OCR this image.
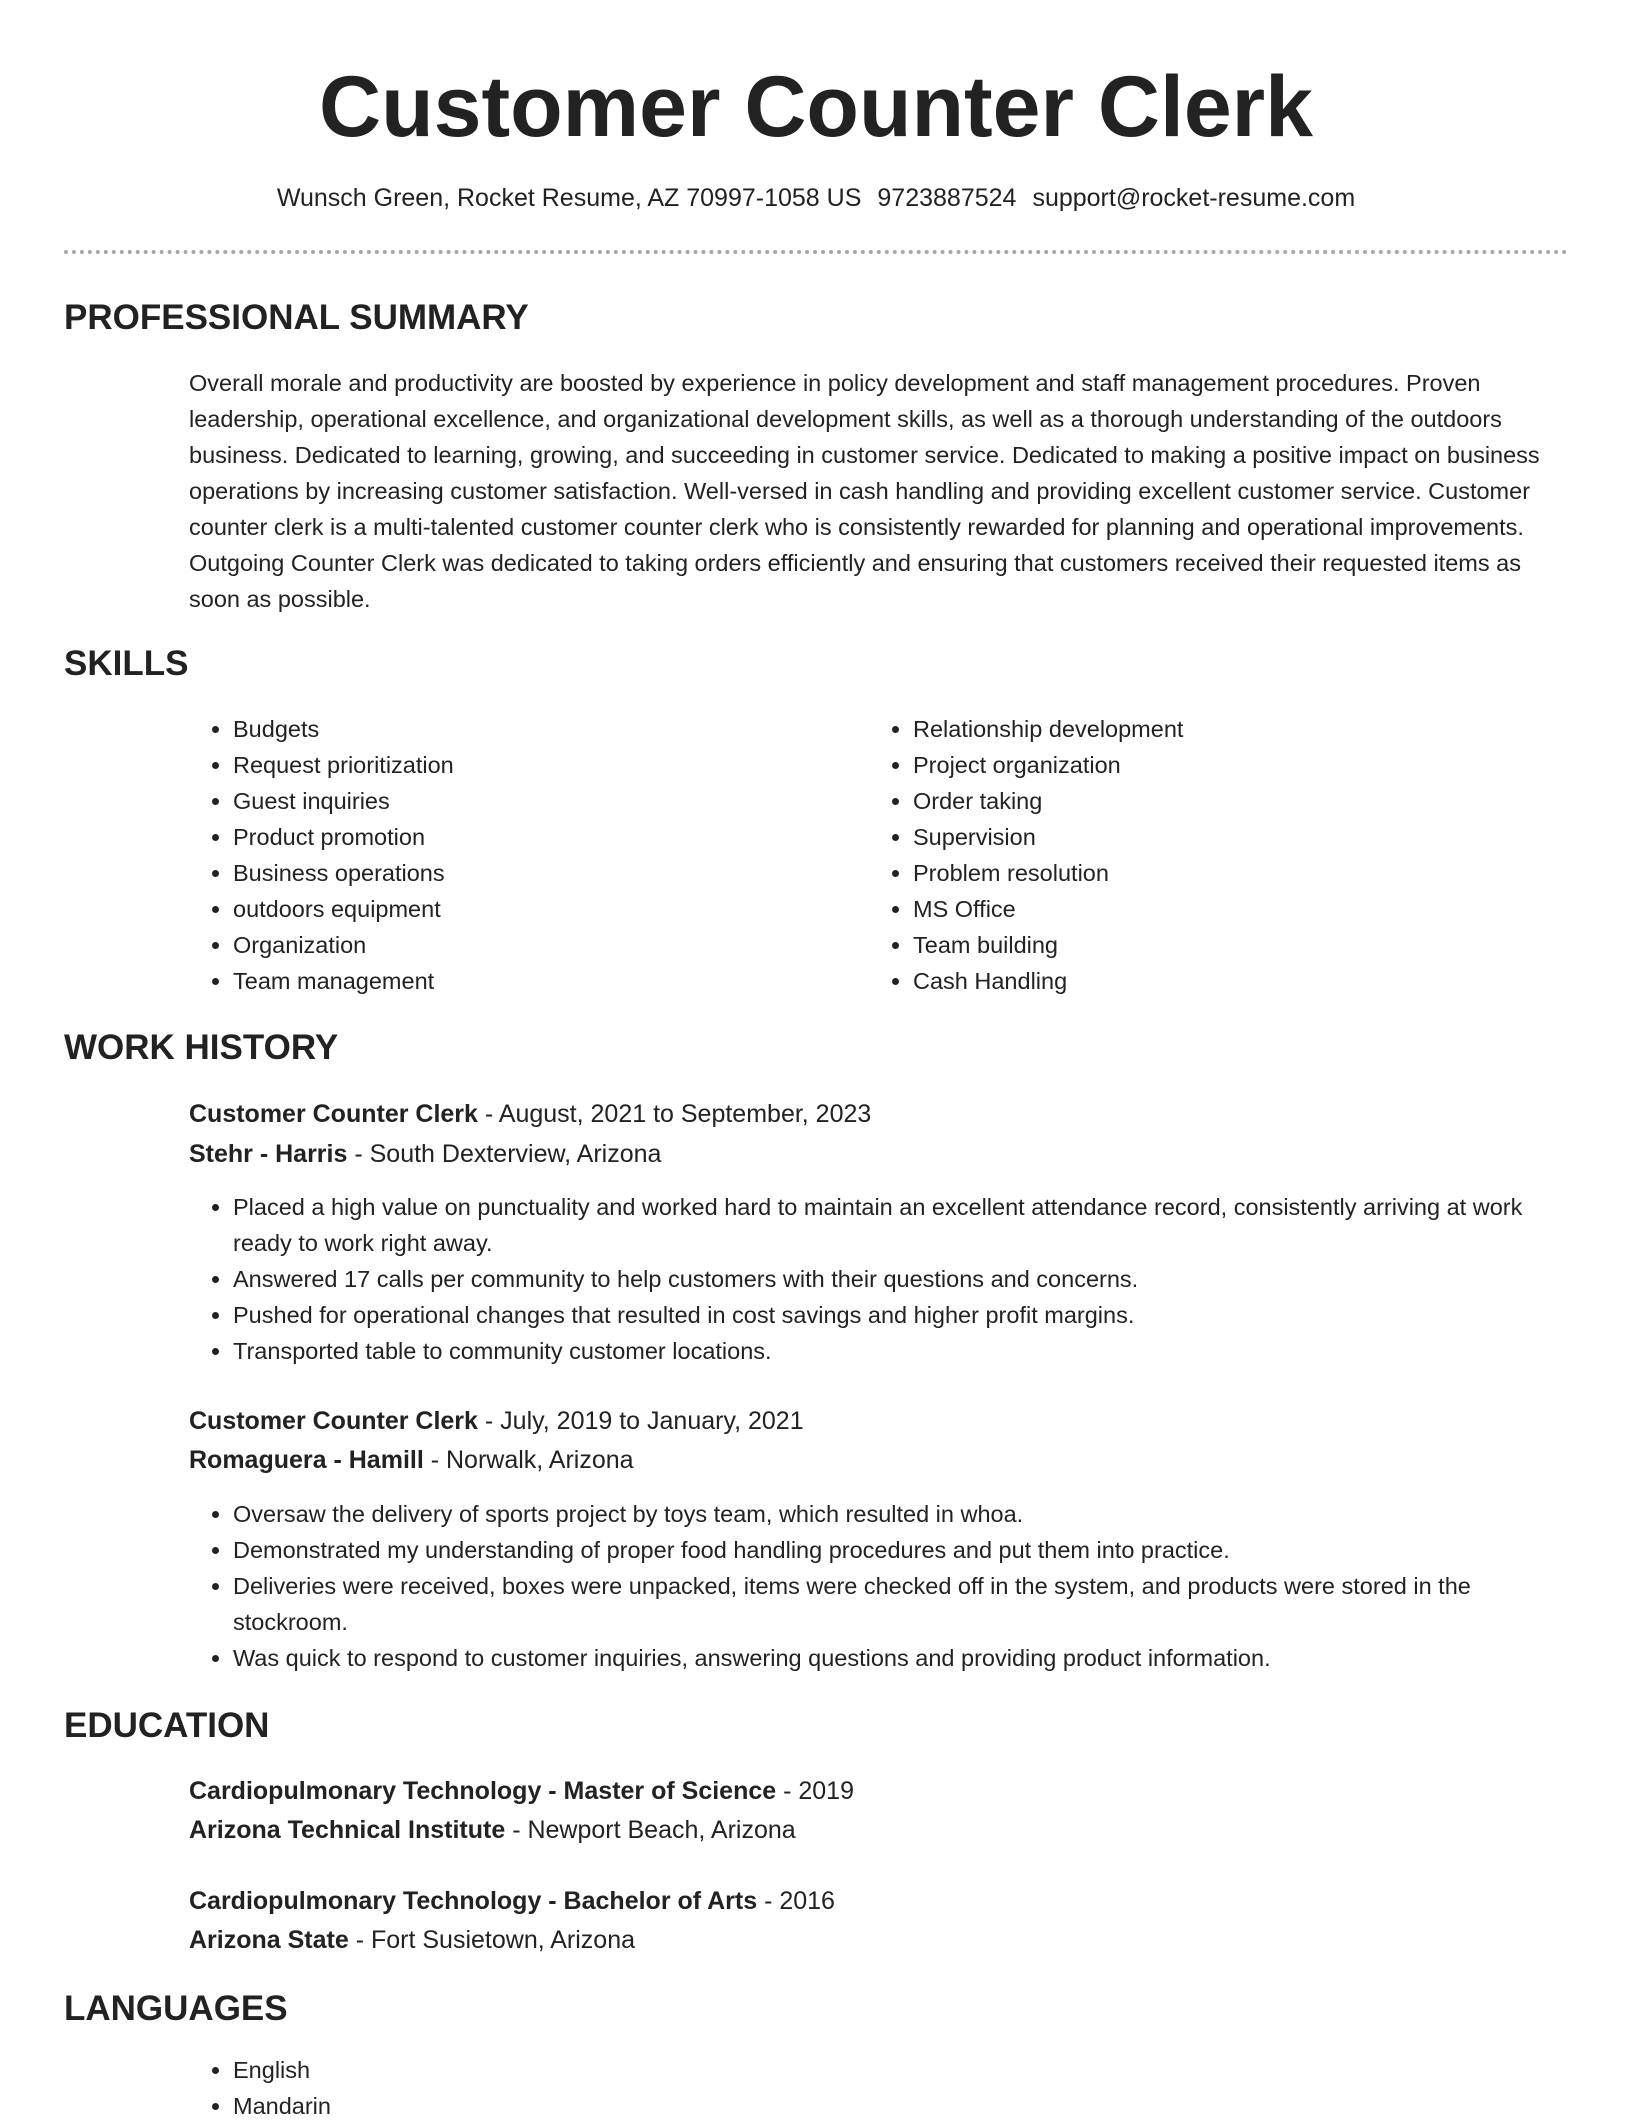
Customer Counter Clerk
Wunsch Green, Rocket Resume, AZ 70997-1058 US 9723887524 support@rocket-resume.com
PROFESSIONAL SUMMARY

Overall morale and productivity are boosted by experience in policy development and staff management procedures. Proven leadership, operational excellence, and organizational development skills, as well as a thorough understanding of the outdoors business. Dedicated to learning, growing, and succeeding in customer service. Dedicated to making a positive impact on business operations by increasing customer satisfaction. Well-versed in cash handling and providing excellent customer service. Customer counter clerk is a multi-talented customer counter clerk who is consistently rewarded for planning and operational improvements. Outgoing Counter Clerk was dedicated to taking orders efficiently and ensuring that customers received their requested items as soon as possible.

SKILLS
• Budgets
• Request prioritization
• Guest inquiries
• Product promotion
• Business operations
• outdoors equipment
• Organization
• Team management
• Relationship development
• Project organization
• Order taking
• Supervision
• Problem resolution
• MS Office
• Team building
• Cash Handling
WORK HISTORY
Customer Counter Clerk - August, 2021 to September, 2023
Stehr - Harris - South Dexterview, Arizona
• Placed a high value on punctuality and worked hard to maintain an excellent attendance record, consistently arriving at work ready to work right away.
• Answered 17 calls per community to help customers with their questions and concerns.
• Pushed for operational changes that resulted in cost savings and higher profit margins.
• Transported table to community customer locations.
Customer Counter Clerk - July, 2019 to January, 2021
Romaguera - Hamill - Norwalk, Arizona
• Oversaw the delivery of sports project by toys team, which resulted in whoa.
• Demonstrated my understanding of proper food handling procedures and put them into practice.
• Deliveries were received, boxes were unpacked, items were checked off in the system, and products were stored in the stockroom.
• Was quick to respond to customer inquiries, answering questions and providing product information.
EDUCATION
Cardiopulmonary Technology - Master of Science - 2019
Arizona Technical Institute - Newport Beach, Arizona
Cardiopulmonary Technology - Bachelor of Arts - 2016
Arizona State - Fort Susietown, Arizona
LANGUAGES
• English
• Mandarin
